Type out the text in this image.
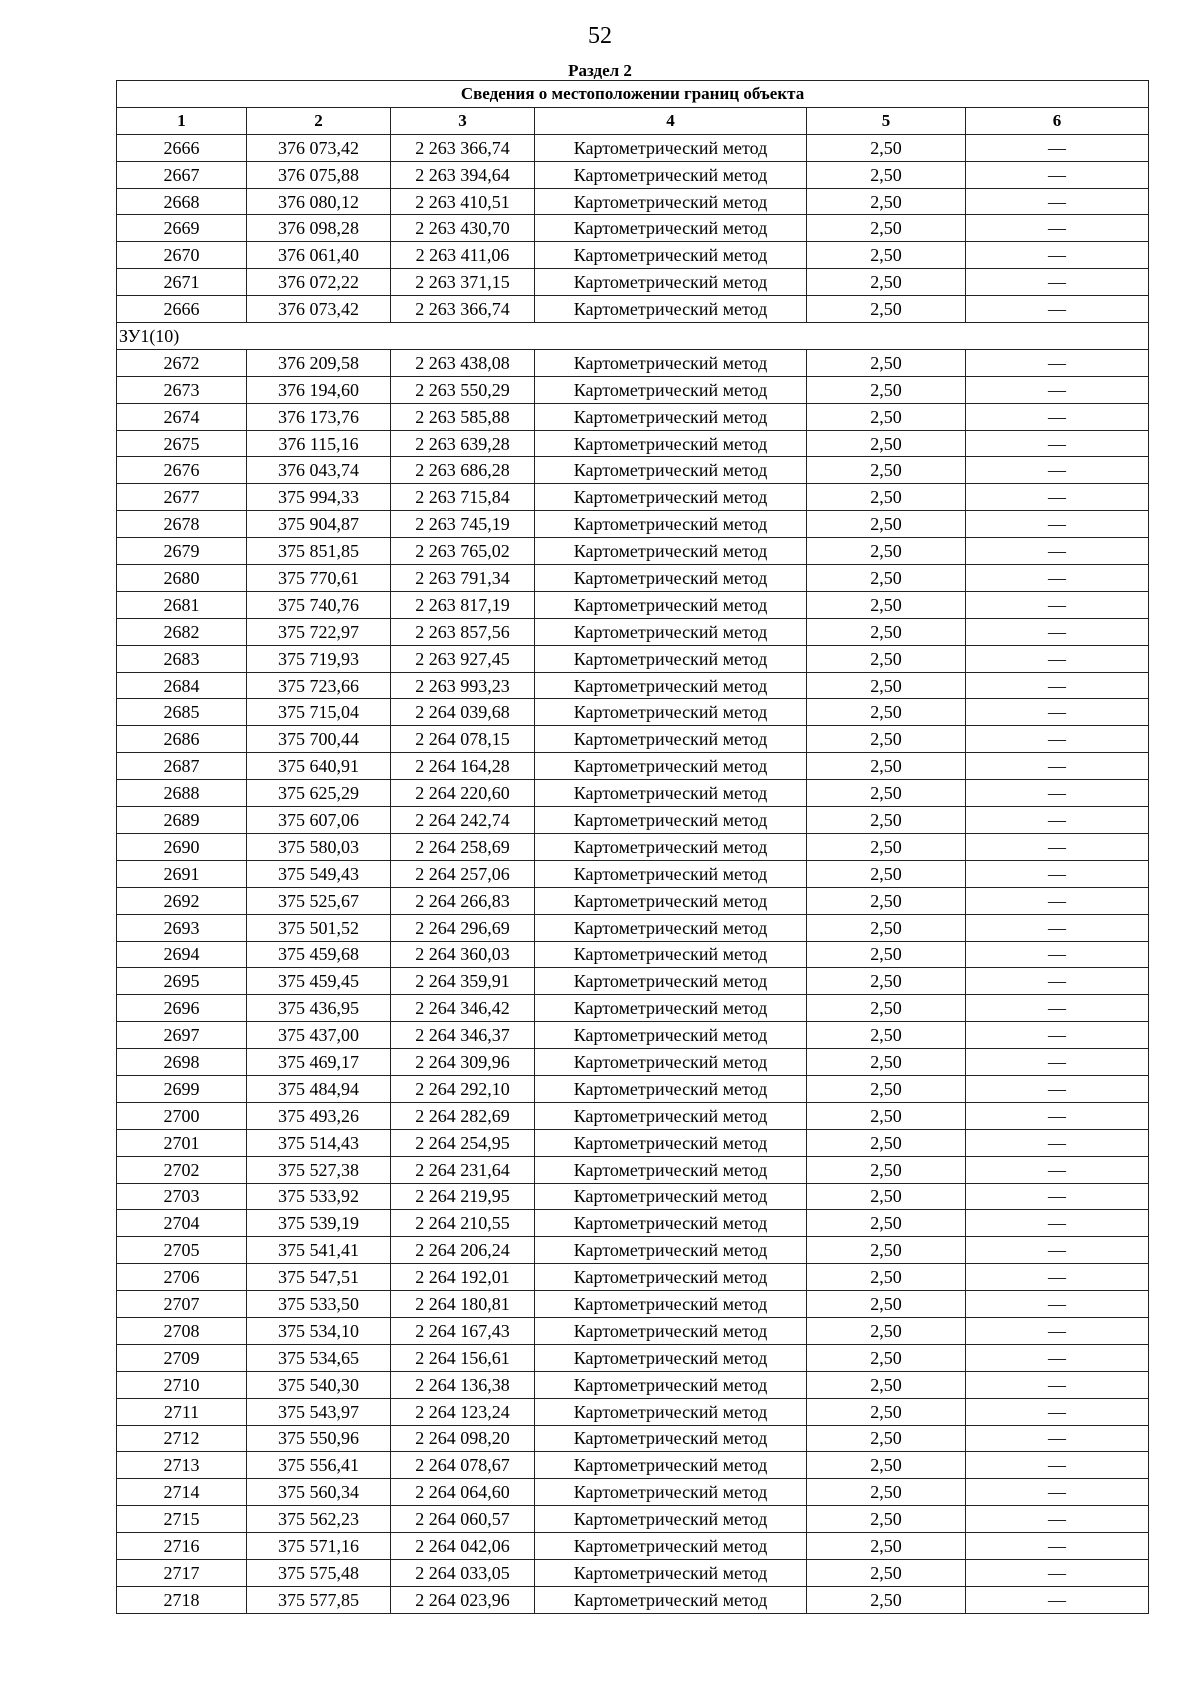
52
Раздел 2
Сведения о местоположении границ объекта					
1	2	3	4	5	6
2666	376 073,42	2 263 366,74	Картометрический метод	2,50	—
2667	376 075,88	2 263 394,64	Картометрический метод	2,50	—
2668	376 080,12	2 263 410,51	Картометрический метод	2,50	—
2669	376 098,28	2 263 430,70	Картометрический метод	2,50	—
2670	376 061,40	2 263 411,06	Картометрический метод	2,50	—
2671	376 072,22	2 263 371,15	Картометрический метод	2,50	—
2666	376 073,42	2 263 366,74	Картометрический метод	2,50	—
ЗУ1(10)					
2672	376 209,58	2 263 438,08	Картометрический метод	2,50	—
2673	376 194,60	2 263 550,29	Картометрический метод	2,50	—
2674	376 173,76	2 263 585,88	Картометрический метод	2,50	—
2675	376 115,16	2 263 639,28	Картометрический метод	2,50	—
2676	376 043,74	2 263 686,28	Картометрический метод	2,50	—
2677	375 994,33	2 263 715,84	Картометрический метод	2,50	—
2678	375 904,87	2 263 745,19	Картометрический метод	2,50	—
2679	375 851,85	2 263 765,02	Картометрический метод	2,50	—
2680	375 770,61	2 263 791,34	Картометрический метод	2,50	—
2681	375 740,76	2 263 817,19	Картометрический метод	2,50	—
2682	375 722,97	2 263 857,56	Картометрический метод	2,50	—
2683	375 719,93	2 263 927,45	Картометрический метод	2,50	—
2684	375 723,66	2 263 993,23	Картометрический метод	2,50	—
2685	375 715,04	2 264 039,68	Картометрический метод	2,50	—
2686	375 700,44	2 264 078,15	Картометрический метод	2,50	—
2687	375 640,91	2 264 164,28	Картометрический метод	2,50	—
2688	375 625,29	2 264 220,60	Картометрический метод	2,50	—
2689	375 607,06	2 264 242,74	Картометрический метод	2,50	—
2690	375 580,03	2 264 258,69	Картометрический метод	2,50	—
2691	375 549,43	2 264 257,06	Картометрический метод	2,50	—
2692	375 525,67	2 264 266,83	Картометрический метод	2,50	—
2693	375 501,52	2 264 296,69	Картометрический метод	2,50	—
2694	375 459,68	2 264 360,03	Картометрический метод	2,50	—
2695	375 459,45	2 264 359,91	Картометрический метод	2,50	—
2696	375 436,95	2 264 346,42	Картометрический метод	2,50	—
2697	375 437,00	2 264 346,37	Картометрический метод	2,50	—
2698	375 469,17	2 264 309,96	Картометрический метод	2,50	—
2699	375 484,94	2 264 292,10	Картометрический метод	2,50	—
2700	375 493,26	2 264 282,69	Картометрический метод	2,50	—
2701	375 514,43	2 264 254,95	Картометрический метод	2,50	—
2702	375 527,38	2 264 231,64	Картометрический метод	2,50	—
2703	375 533,92	2 264 219,95	Картометрический метод	2,50	—
2704	375 539,19	2 264 210,55	Картометрический метод	2,50	—
2705	375 541,41	2 264 206,24	Картометрический метод	2,50	—
2706	375 547,51	2 264 192,01	Картометрический метод	2,50	—
2707	375 533,50	2 264 180,81	Картометрический метод	2,50	—
2708	375 534,10	2 264 167,43	Картометрический метод	2,50	—
2709	375 534,65	2 264 156,61	Картометрический метод	2,50	—
2710	375 540,30	2 264 136,38	Картометрический метод	2,50	—
2711	375 543,97	2 264 123,24	Картометрический метод	2,50	—
2712	375 550,96	2 264 098,20	Картометрический метод	2,50	—
2713	375 556,41	2 264 078,67	Картометрический метод	2,50	—
2714	375 560,34	2 264 064,60	Картометрический метод	2,50	—
2715	375 562,23	2 264 060,57	Картометрический метод	2,50	—
2716	375 571,16	2 264 042,06	Картометрический метод	2,50	—
2717	375 575,48	2 264 033,05	Картометрический метод	2,50	—
2718	375 577,85	2 264 023,96	Картометрический метод	2,50	—
